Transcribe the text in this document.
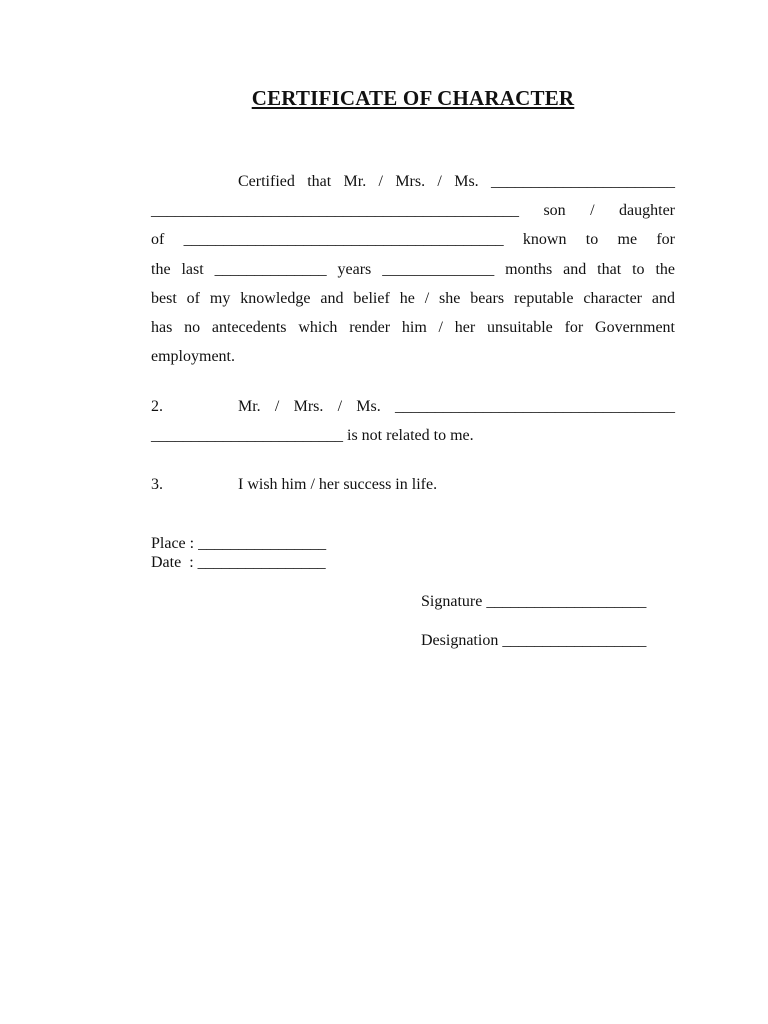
CERTIFICATE OF CHARACTER
Certified that Mr. / Mrs. / Ms. _______________________
______________________________________________ son / daughter
of ________________________________________ known to me for
the last ______________ years ______________ months and that to the
best of my knowledge and belief he / she bears reputable character and
has no antecedents which render him / her unsuitable for Government
employment.
2.	Mr. / Mrs. / Ms. ___________________________________
________________________ is not related to me.
3.	I wish him / her success in life.
Place : ________________
Date  : ________________
Signature ____________________
Designation __________________
